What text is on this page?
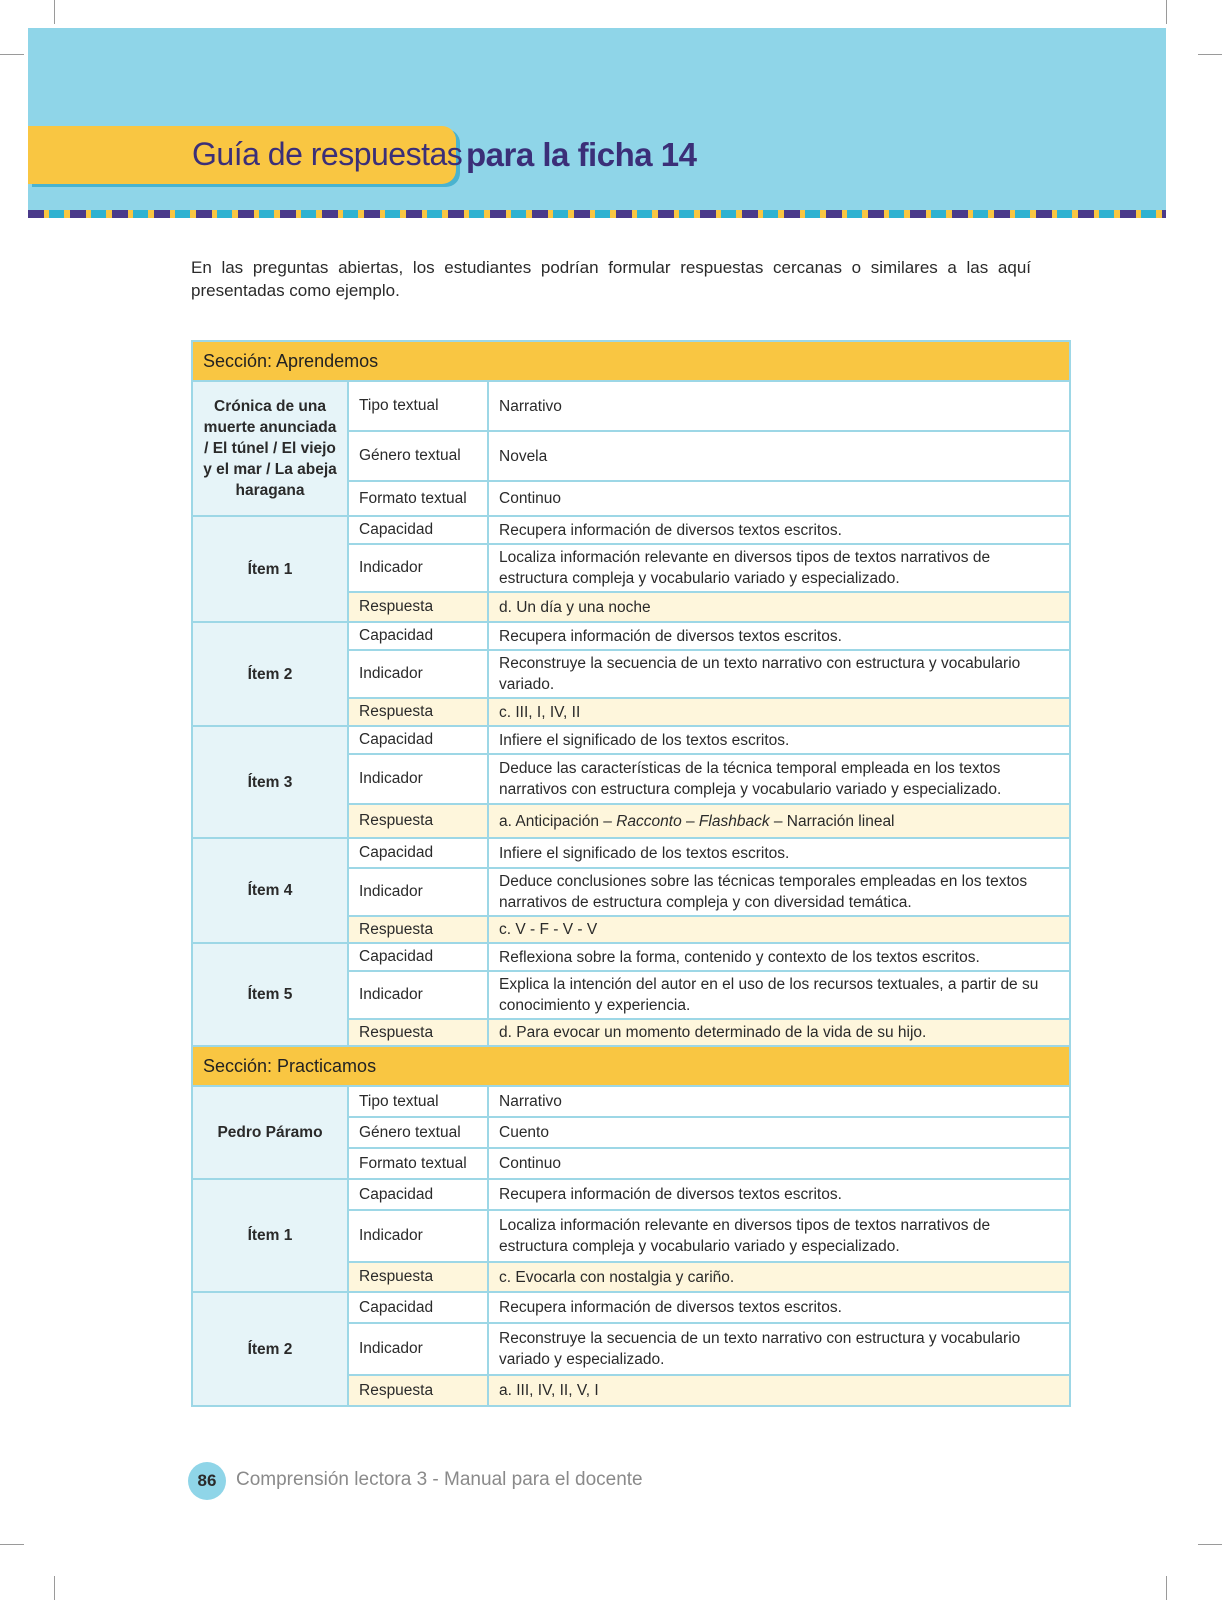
Guía de respuestas para la ficha 14
En las preguntas abiertas, los estudiantes podrían formular respuestas cercanas o similares a las aquí presentadas como ejemplo.
Sección: Aprendemos		
Crónica de una muerte anunciada / El túnel / El viejo y el mar / La abeja haragana	Tipo textual	Narrativo
	Género textual	Novela
	Formato textual	Continuo
Ítem 1	Capacidad	Recupera información de diversos textos escritos.
	Indicador	Localiza información relevante en diversos tipos de textos narrativos de estructura compleja y vocabulario variado y especializado.
	Respuesta	d. Un día y una noche
Ítem 2	Capacidad	Recupera información de diversos textos escritos.
	Indicador	Reconstruye la secuencia de un texto narrativo con estructura y vocabulario variado.
	Respuesta	c. III, I, IV, II
Ítem 3	Capacidad	Infiere el significado de los textos escritos.
	Indicador	Deduce las características de la técnica temporal empleada en los textos narrativos con estructura compleja y vocabulario variado y especializado.
	Respuesta	a. Anticipación – Racconto – Flashback – Narración lineal
Ítem 4	Capacidad	Infiere el significado de los textos escritos.
	Indicador	Deduce conclusiones sobre las técnicas temporales empleadas en los textos narrativos de estructura compleja y con diversidad temática.
	Respuesta	c. V - F - V - V
Ítem 5	Capacidad	Reflexiona sobre la forma, contenido y contexto de los textos escritos.
	Indicador	Explica la intención del autor en el uso de los recursos textuales, a partir de su conocimiento y experiencia.
	Respuesta	d. Para evocar un momento determinado de la vida de su hijo.
Sección: Practicamos		
Pedro Páramo	Tipo textual	Narrativo
	Género textual	Cuento
	Formato textual	Continuo
Ítem 1	Capacidad	Recupera información de diversos textos escritos.
	Indicador	Localiza información relevante en diversos tipos de textos narrativos de estructura compleja y vocabulario variado y especializado.
	Respuesta	c. Evocarla con nostalgia y cariño.
Ítem 2	Capacidad	Recupera información de diversos textos escritos.
	Indicador	Reconstruye la secuencia de un texto narrativo con estructura y vocabulario variado y especializado.
	Respuesta	a. III, IV, II, V, I
86	Comprensión lectora 3 - Manual para el docente
